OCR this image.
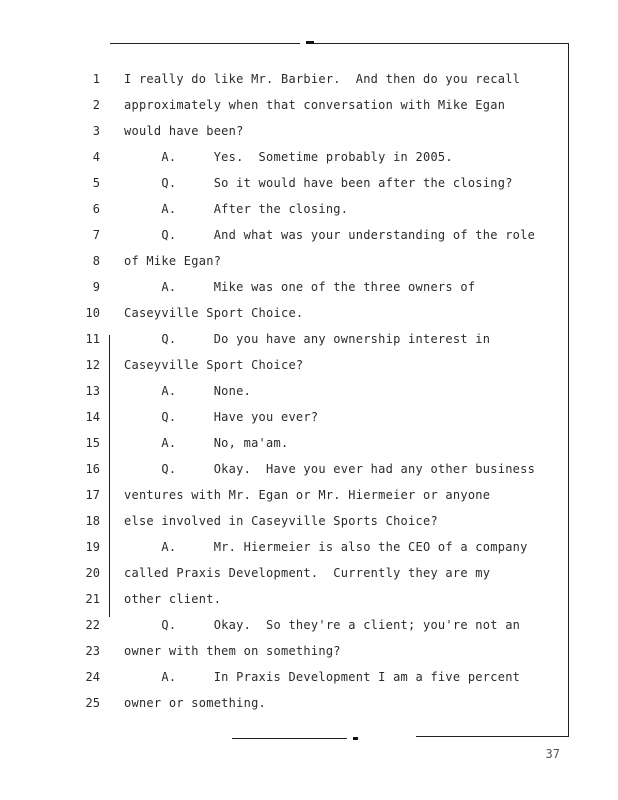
1 I really do like Mr. Barbier.  And then do you recall
2 approximately when that conversation with Mike Egan
3 would have been?
4 A.     Yes.  Sometime probably in 2005.
5 Q.     So it would have been after the closing?
6 A.     After the closing.
7 Q.     And what was your understanding of the role
8 of Mike Egan?
9 A.     Mike was one of the three owners of
10 Caseyville Sport Choice.
11 Q.     Do you have any ownership interest in
12 Caseyville Sport Choice?
13 A.     None.
14 Q.     Have you ever?
15 A.     No, ma'am.
16 Q.     Okay.  Have you ever had any other business
17 ventures with Mr. Egan or Mr. Hiermeier or anyone
18 else involved in Caseyville Sports Choice?
19 A.     Mr. Hiermeier is also the CEO of a company
20 called Praxis Development.  Currently they are my
21 other client.
22 Q.     Okay.  So they're a client; you're not an
23 owner with them on something?
24 A.     In Praxis Development I am a five percent
25 owner or something.
37
